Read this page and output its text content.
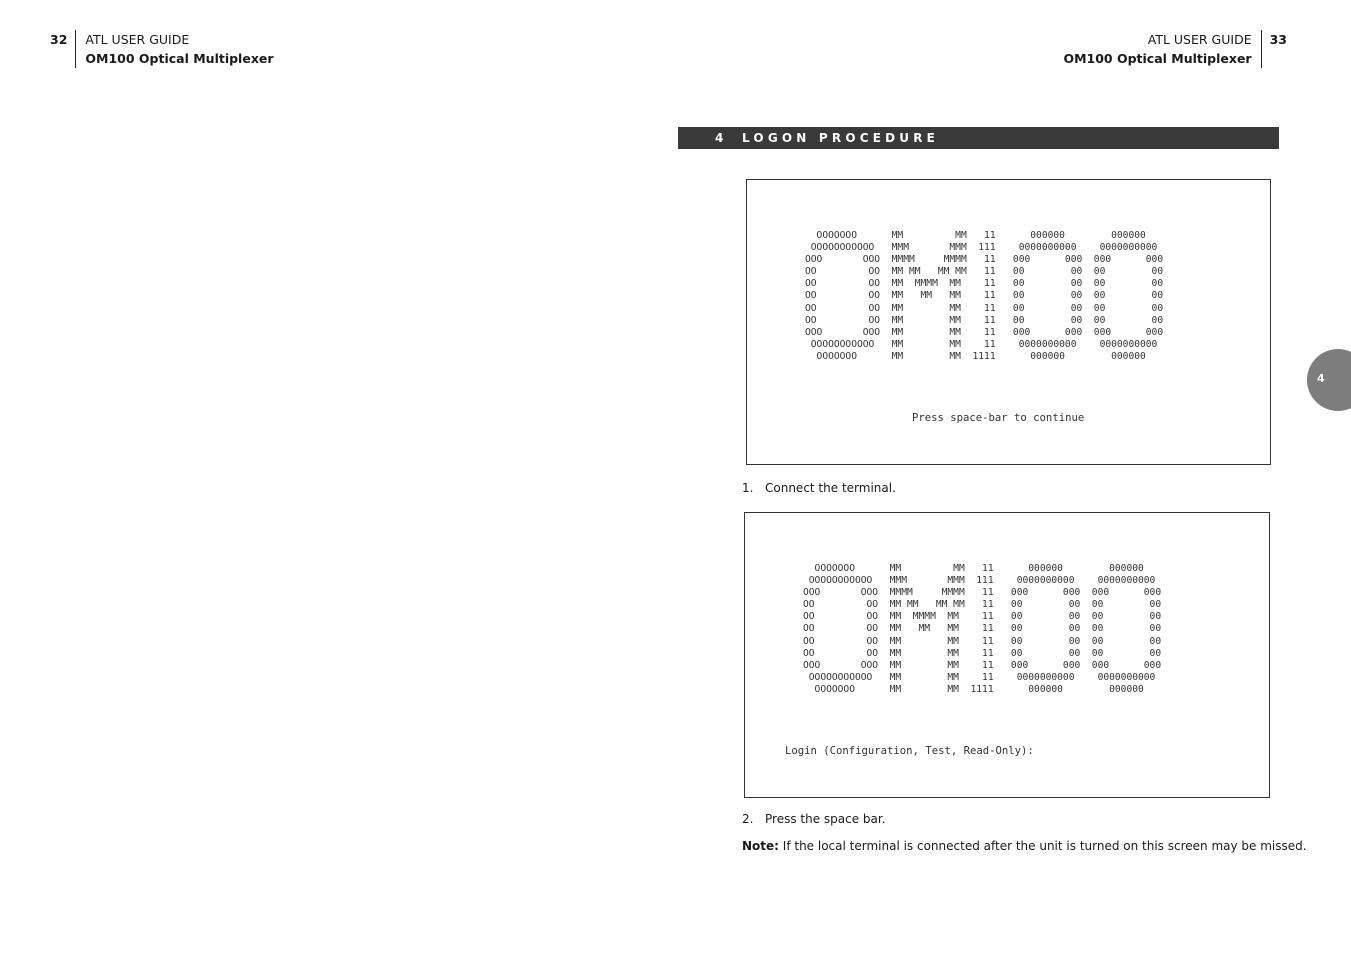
32	ATL USER GUIDE
OM100 Optical Multiplexer
ATL USER GUIDE
OM100 Optical Multiplexer
33
4 LOGON PROCEDURE
4
OOOOOOO      MM         MM   11      000000        000000
OOOOOOOOOOO   MMM       MMM  111    0000000000    0000000000
OOO       OOO  MMMM     MMMM   11   000      000  000      000
OO         OO  MM MM   MM MM   11   00        00  00        00
OO         OO  MM  MMMM  MM    11   00        00  00        00
OO         OO  MM   MM   MM    11   00        00  00        00
OO         OO  MM        MM    11   00        00  00        00
OO         OO  MM        MM    11   00        00  00        00
OOO       OOO  MM        MM    11   000      000  000      000
OOOOOOOOOOO   MM        MM    11    0000000000    0000000000
OOOOOOO      MM        MM  1111      000000        000000
Press space-bar to continue
1. Connect the terminal.
OOOOOOO      MM         MM   11      000000        000000
OOOOOOOOOOO   MMM       MMM  111    0000000000    0000000000
OOO       OOO  MMMM     MMMM   11   000      000  000      000
OO         OO  MM MM   MM MM   11   00        00  00        00
OO         OO  MM  MMMM  MM    11   00        00  00        00
OO         OO  MM   MM   MM    11   00        00  00        00
OO         OO  MM        MM    11   00        00  00        00
OO         OO  MM        MM    11   00        00  00        00
OOO       OOO  MM        MM    11   000      000  000      000
OOOOOOOOOOO   MM        MM    11    0000000000    0000000000
OOOOOOO      MM        MM  1111      000000        000000
Login (Configuration, Test, Read-Only):
2. Press the space bar.
Note: If the local terminal is connected after the unit is turned on this screen may be missed.
